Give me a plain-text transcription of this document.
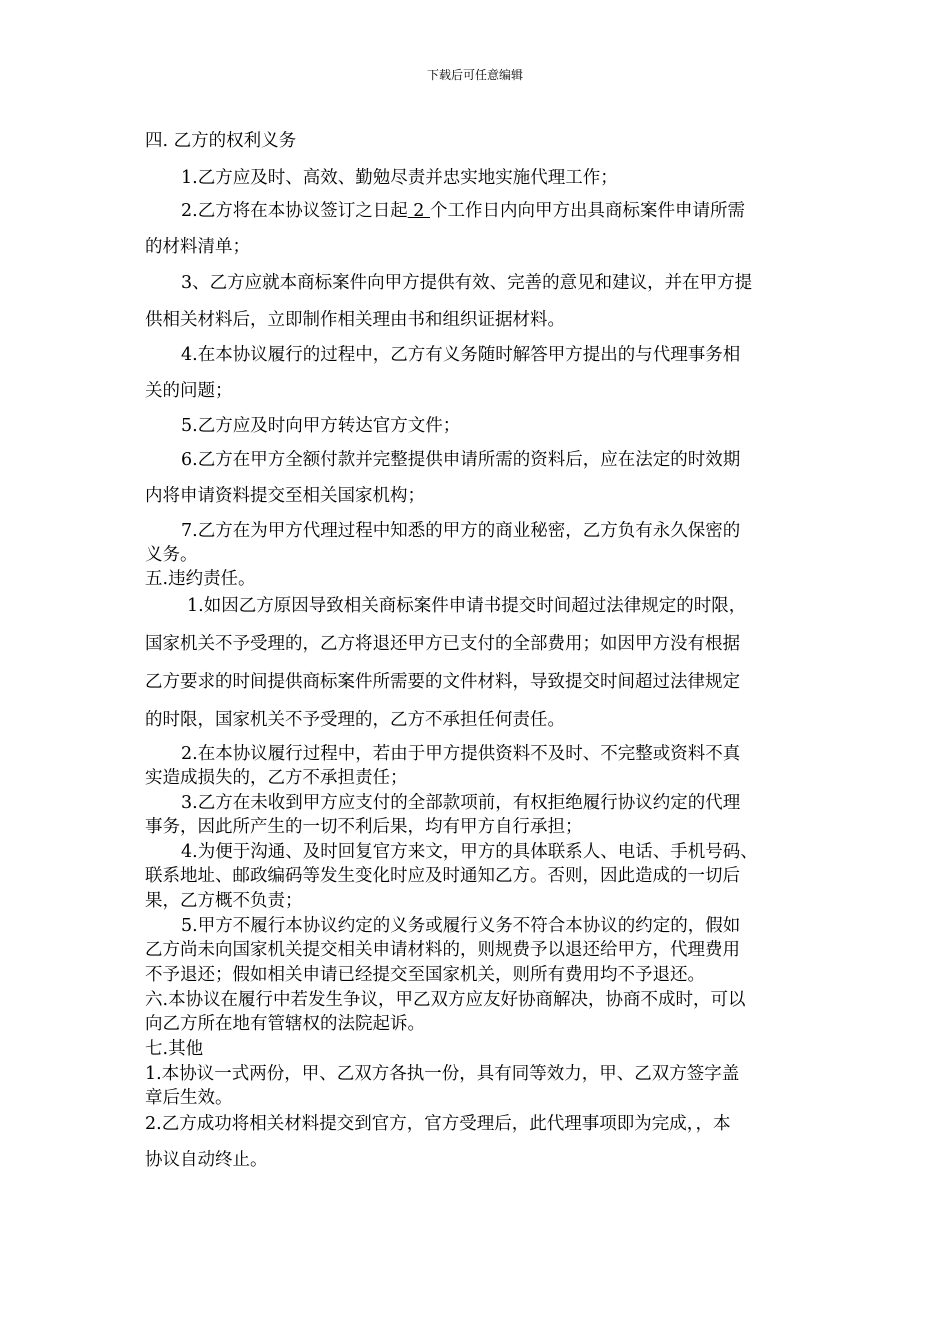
下载后可任意编辑
四. 乙方的权利义务
1.乙方应及时、高效、勤勉尽责并忠实地实施代理工作；
2.乙方将在本协议签订之日起 2 个工作日内向甲方出具商标案件申请所需
的材料清单；
3、乙方应就本商标案件向甲方提供有效、完善的意见和建议，并在甲方提
供相关材料后，立即制作相关理由书和组织证据材料。
4.在本协议履行的过程中，乙方有义务随时解答甲方提出的与代理事务相
关的问题；
5.乙方应及时向甲方转达官方文件；
6.乙方在甲方全额付款并完整提供申请所需的资料后，应在法定的时效期
内将申请资料提交至相关国家机构；
7.乙方在为甲方代理过程中知悉的甲方的商业秘密，乙方负有永久保密的
义务。
五.违约责任。
1.如因乙方原因导致相关商标案件申请书提交时间超过法律规定的时限，
国家机关不予受理的，乙方将退还甲方已支付的全部费用；如因甲方没有根据
乙方要求的时间提供商标案件所需要的文件材料，导致提交时间超过法律规定
的时限，国家机关不予受理的，乙方不承担任何责任。
2.在本协议履行过程中，若由于甲方提供资料不及时、不完整或资料不真
实造成损失的，乙方不承担责任；
3.乙方在未收到甲方应支付的全部款项前，有权拒绝履行协议约定的代理
事务，因此所产生的一切不利后果，均有甲方自行承担；
4.为便于沟通、及时回复官方来文，甲方的具体联系人、电话、手机号码、
联系地址、邮政编码等发生变化时应及时通知乙方。否则，因此造成的一切后
果，乙方概不负责；
5.甲方不履行本协议约定的义务或履行义务不符合本协议的约定的，假如
乙方尚未向国家机关提交相关申请材料的，则规费予以退还给甲方，代理费用
不予退还；假如相关申请已经提交至国家机关，则所有费用均不予退还。
六.本协议在履行中若发生争议，甲乙双方应友好协商解决，协商不成时，可以
向乙方所在地有管辖权的法院起诉。
七.其他
1.本协议一式两份，甲、乙双方各执一份，具有同等效力，甲、乙双方签字盖
章后生效。
2.乙方成功将相关材料提交到官方，官方受理后，此代理事项即为完成，，本
协议自动终止。
